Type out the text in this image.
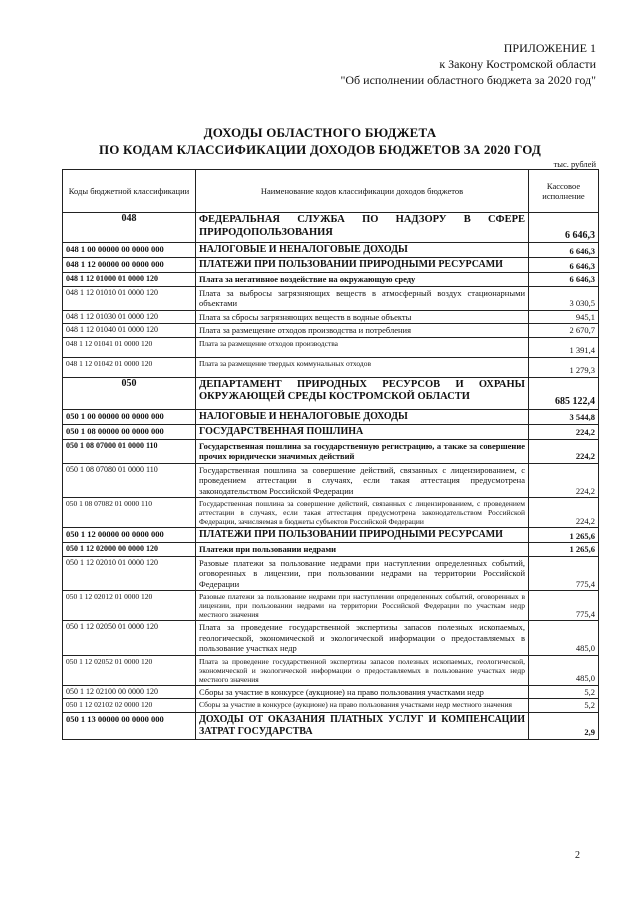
ПРИЛОЖЕНИЕ 1
к Закону Костромской области
"Об исполнении областного бюджета за 2020 год"
ДОХОДЫ ОБЛАСТНОГО БЮДЖЕТА
ПО КОДАМ КЛАССИФИКАЦИИ ДОХОДОВ БЮДЖЕТОВ ЗА 2020 ГОД
тыс. рублей
Коды бюджетной классификации	Наименование кодов классификации доходов бюджетов	Кассовое исполнение
048	ФЕДЕРАЛЬНАЯ СЛУЖБА ПО НАДЗОРУ В СФЕРЕ ПРИРОДОПОЛЬЗОВАНИЯ	6 646,3
048 1 00 00000 00 0000 000	НАЛОГОВЫЕ И НЕНАЛОГОВЫЕ ДОХОДЫ	6 646,3
048 1 12 00000 00 0000 000	ПЛАТЕЖИ ПРИ ПОЛЬЗОВАНИИ ПРИРОДНЫМИ РЕСУРСАМИ	6 646,3
048 1 12 01000 01 0000 120	Плата за негативное воздействие на окружающую среду	6 646,3
048 1 12 01010 01 0000 120	Плата за выбросы загрязняющих веществ в атмосферный воздух стационарными объектами	3 030,5
048 1 12 01030 01 0000 120	Плата за сбросы загрязняющих веществ в водные объекты	945,1
048 1 12 01040 01 0000 120	Плата за размещение отходов производства и потребления	2 670,7
048 1 12 01041 01 0000 120	Плата за размещение отходов производства	1 391,4
048 1 12 01042 01 0000 120	Плата за размещение твердых коммунальных отходов	1 279,3
050	ДЕПАРТАМЕНТ ПРИРОДНЫХ РЕСУРСОВ И ОХРАНЫ ОКРУЖАЮЩЕЙ СРЕДЫ КОСТРОМСКОЙ ОБЛАСТИ	685 122,4
050 1 00 00000 00 0000 000	НАЛОГОВЫЕ И НЕНАЛОГОВЫЕ ДОХОДЫ	3 544,8
050 1 08 00000 00 0000 000	ГОСУДАРСТВЕННАЯ ПОШЛИНА	224,2
050 1 08 07000 01 0000 110	Государственная пошлина за государственную регистрацию, а также за совершение прочих юридически значимых действий	224,2
050 1 08 07080 01 0000 110	Государственная пошлина за совершение действий, связанных с лицензированием, с проведением аттестации в случаях, если такая аттестация предусмотрена законодательством Российской Федерации	224,2
050 1 08 07082 01 0000 110	Государственная пошлина за совершение действий, связанных с лицензированием, с проведением аттестации в случаях, если такая аттестация предусмотрена законодательством Российской Федерации, зачисляемая в бюджеты субъектов Российской Федерации	224,2
050 1 12 00000 00 0000 000	ПЛАТЕЖИ ПРИ ПОЛЬЗОВАНИИ ПРИРОДНЫМИ РЕСУРСАМИ	1 265,6
050 1 12 02000 00 0000 120	Платежи при пользовании недрами	1 265,6
050 1 12 02010 01 0000 120	Разовые платежи за пользование недрами при наступлении определенных событий, оговоренных в лицензии, при пользовании недрами на территории Российской Федерации	775,4
050 1 12 02012 01 0000 120	Разовые платежи за пользование недрами при наступлении определенных событий, оговоренных в лицензии, при пользовании недрами на территории Российской Федерации по участкам недр местного значения	775,4
050 1 12 02050 01 0000 120	Плата за проведение государственной экспертизы запасов полезных ископаемых, геологической, экономической и экологической информации о предоставляемых в пользование участках недр	485,0
050 1 12 02052 01 0000 120	Плата за проведение государственной экспертизы запасов полезных ископаемых, геологической, экономической и экологической информации о предоставляемых в пользование участках недр местного значения	485,0
050 1 12 02100 00 0000 120	Сборы за участие в конкурсе (аукционе) на право пользования участками недр	5,2
050 1 12 02102 02 0000 120	Сборы за участие в конкурсе (аукционе) на право пользования участками недр местного значения	5,2
050 1 13 00000 00 0000 000	ДОХОДЫ ОТ ОКАЗАНИЯ ПЛАТНЫХ УСЛУГ И КОМПЕНСАЦИИ ЗАТРАТ ГОСУДАРСТВА	2,9
2
